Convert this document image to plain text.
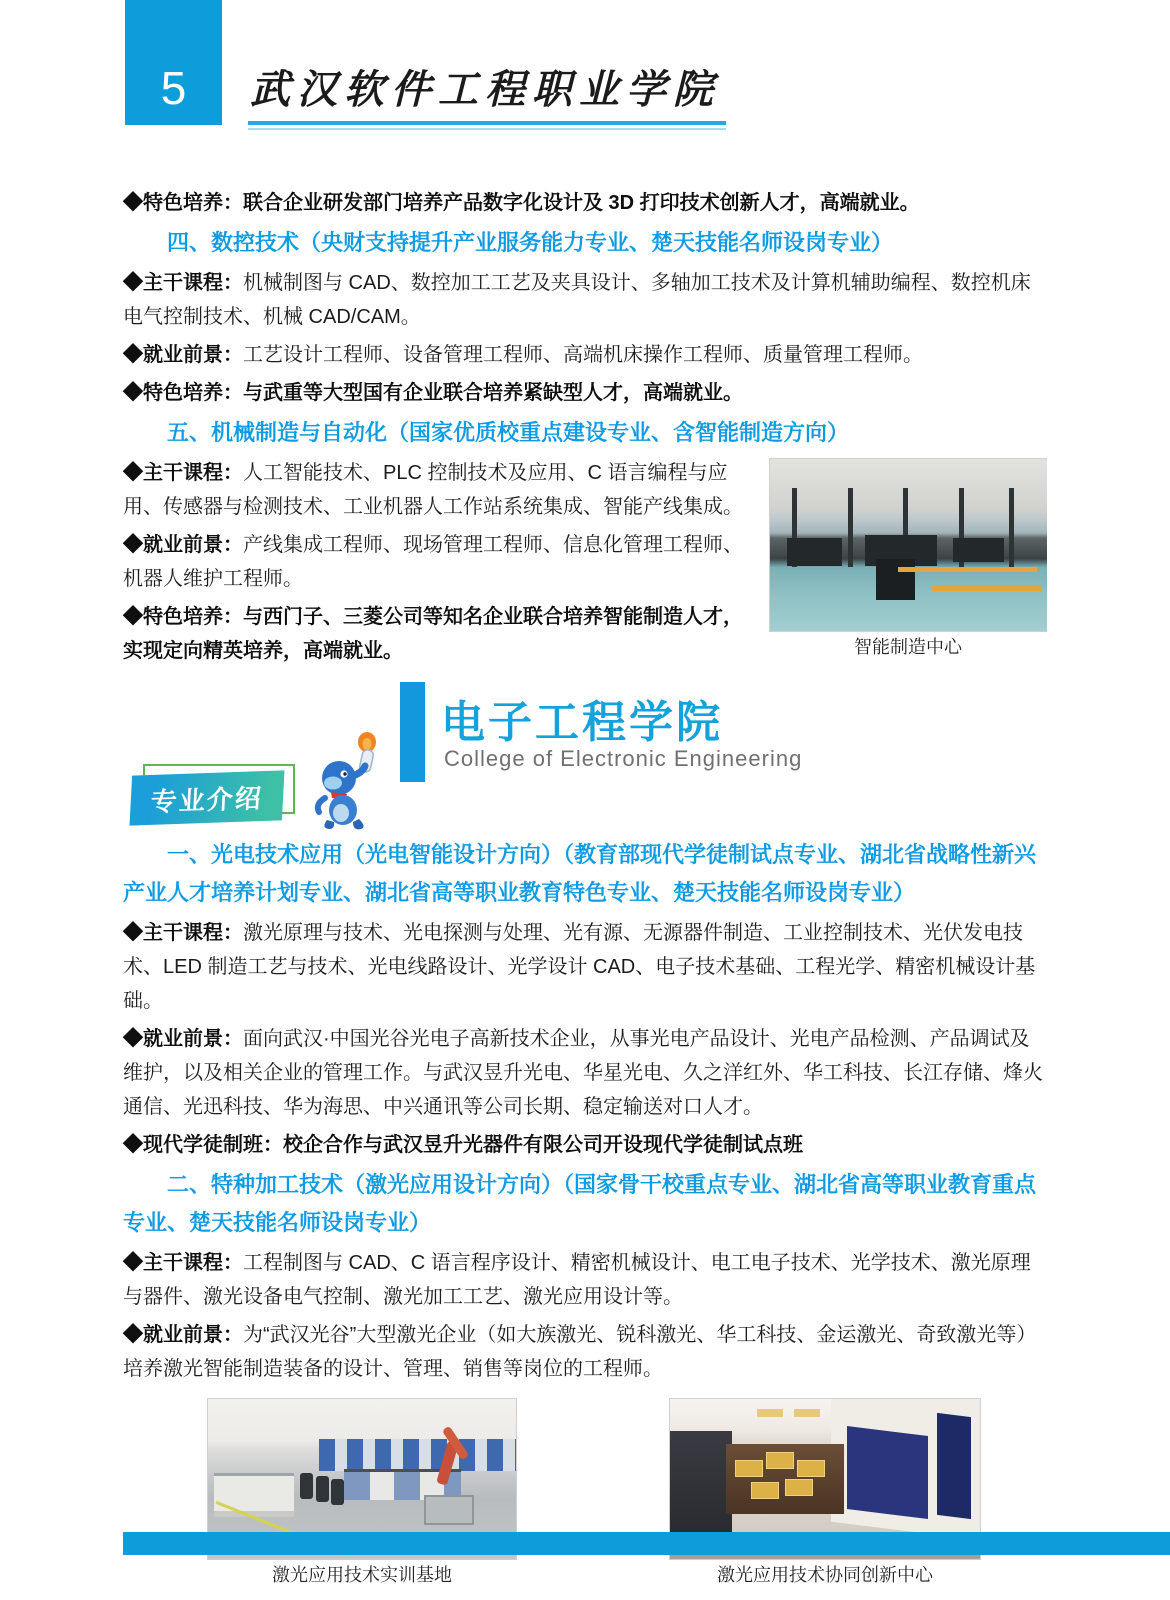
5 武汉软件工程职业学院

◆特色培养：联合企业研发部门培养产品数字化设计及 3D 打印技术创新人才，高端就业。

四、数控技术（央财支持提升产业服务能力专业、楚天技能名师设岗专业）

◆主干课程：机械制图与 CAD、数控加工工艺及夹具设计、多轴加工技术及计算机辅助编程、数控机床电气控制技术、机械 CAD/CAM。

◆就业前景：工艺设计工程师、设备管理工程师、高端机床操作工程师、质量管理工程师。

◆特色培养：与武重等大型国有企业联合培养紧缺型人才，高端就业。

五、机械制造与自动化（国家优质校重点建设专业、含智能制造方向）
智能制造中心

◆主干课程：人工智能技术、PLC 控制技术及应用、C 语言编程与应用、传感器与检测技术、工业机器人工作站系统集成、智能产线集成。

◆就业前景：产线集成工程师、现场管理工程师、信息化管理工程师、机器人维护工程师。

◆特色培养：与西门子、三菱公司等知名企业联合培养智能制造人才，实现定向精英培养，高端就业。

专业介绍
电子工程学院
College of Electronic Engineering
一、光电技术应用（光电智能设计方向）（教育部现代学徒制试点专业、湖北省战略性新兴产业人才培养计划专业、湖北省高等职业教育特色专业、楚天技能名师设岗专业）

◆主干课程：激光原理与技术、光电探测与处理、光有源、无源器件制造、工业控制技术、光伏发电技术、LED 制造工艺与技术、光电线路设计、光学设计 CAD、电子技术基础、工程光学、精密机械设计基础。

◆就业前景：面向武汉·中国光谷光电子高新技术企业，从事光电产品设计、光电产品检测、产品调试及维护，以及相关企业的管理工作。与武汉昱升光电、华星光电、久之洋红外、华工科技、长江存储、烽火通信、光迅科技、华为海思、中兴通讯等公司长期、稳定输送对口人才。

◆现代学徒制班：校企合作与武汉昱升光器件有限公司开设现代学徒制试点班

二、特种加工技术（激光应用设计方向）（国家骨干校重点专业、湖北省高等职业教育重点专业、楚天技能名师设岗专业）

◆主干课程：工程制图与 CAD、C 语言程序设计、精密机械设计、电工电子技术、光学技术、激光原理与器件、激光设备电气控制、激光加工工艺、激光应用设计等。

◆就业前景：为“武汉光谷”大型激光企业（如大族激光、锐科激光、华工科技、金运激光、奇致激光等）培养激光智能制造装备的设计、管理、销售等岗位的工程师。

激光应用技术实训基地	激光应用技术协同创新中心
